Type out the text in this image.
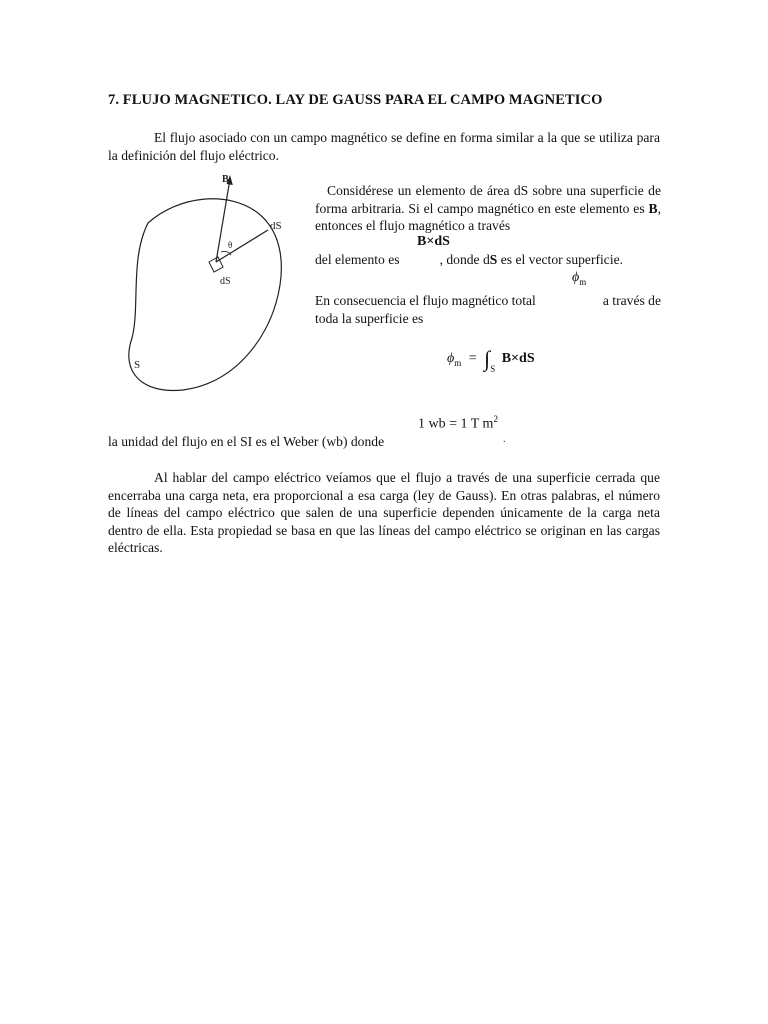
7. FLUJO MAGNETICO. LAY DE GAUSS PARA EL CAMPO MAGNETICO
El flujo asociado con un campo magnético se define en forma similar a la que se utiliza para la definición del flujo eléctrico.
B
dS
θ
dS
S
Considérese un elemento de área dS sobre una superficie de forma arbitraria. Si el campo magnético en este elemento es B, entonces el flujo magnético a través
B×dS
del elemento es	, donde dS es el vector superficie.
$\phi_m$
En consecuencia el flujo magnético total	a través de
toda la superficie es
$\phi_m = \int_S$ B×dS
1 wb = 1 T $m^2$
la unidad del flujo en el SI es el Weber (wb) donde	.
Al hablar del campo eléctrico veíamos que el flujo a través de una superficie cerrada que encerraba una carga neta, era proporcional a esa carga (ley de Gauss). En otras palabras, el número de líneas del campo eléctrico que salen de una superficie dependen únicamente de la carga neta dentro de ella. Esta propiedad se basa en que las líneas del campo eléctrico se originan en las cargas eléctricas.
